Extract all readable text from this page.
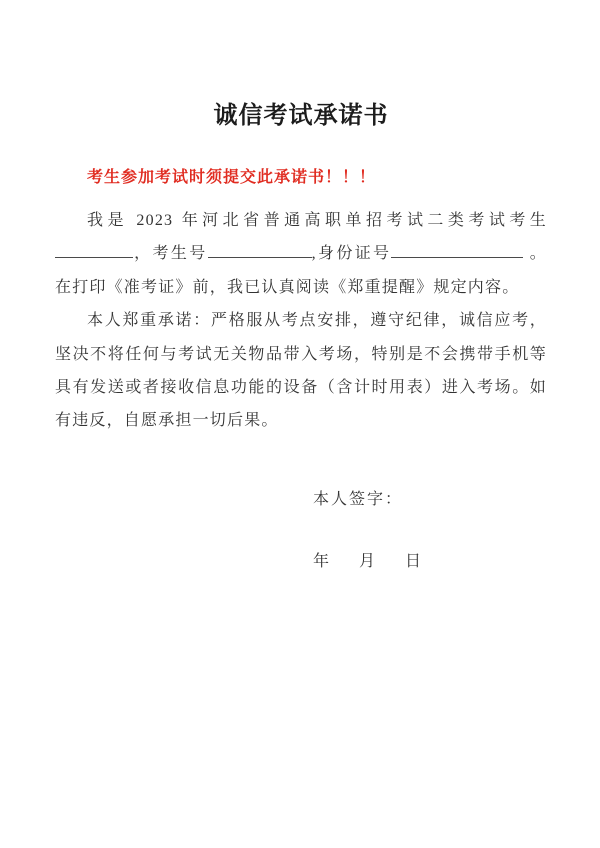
诚信考试承诺书

考生参加考试时须提交此承诺书！！！

我是 2023 年河北省普通高职单招考试二类考试考生，考生号	,身份证号	。在打印《准考证》前，我已认真阅读《郑重提醒》规定内容。

本人郑重承诺：严格服从考点安排，遵守纪律，诚信应考，坚决不将任何与考试无关物品带入考场，特别是不会携带手机等具有发送或者接收信息功能的设备（含计时用表）进入考场。如有违反，自愿承担一切后果。

本人签字：
年 月 日
